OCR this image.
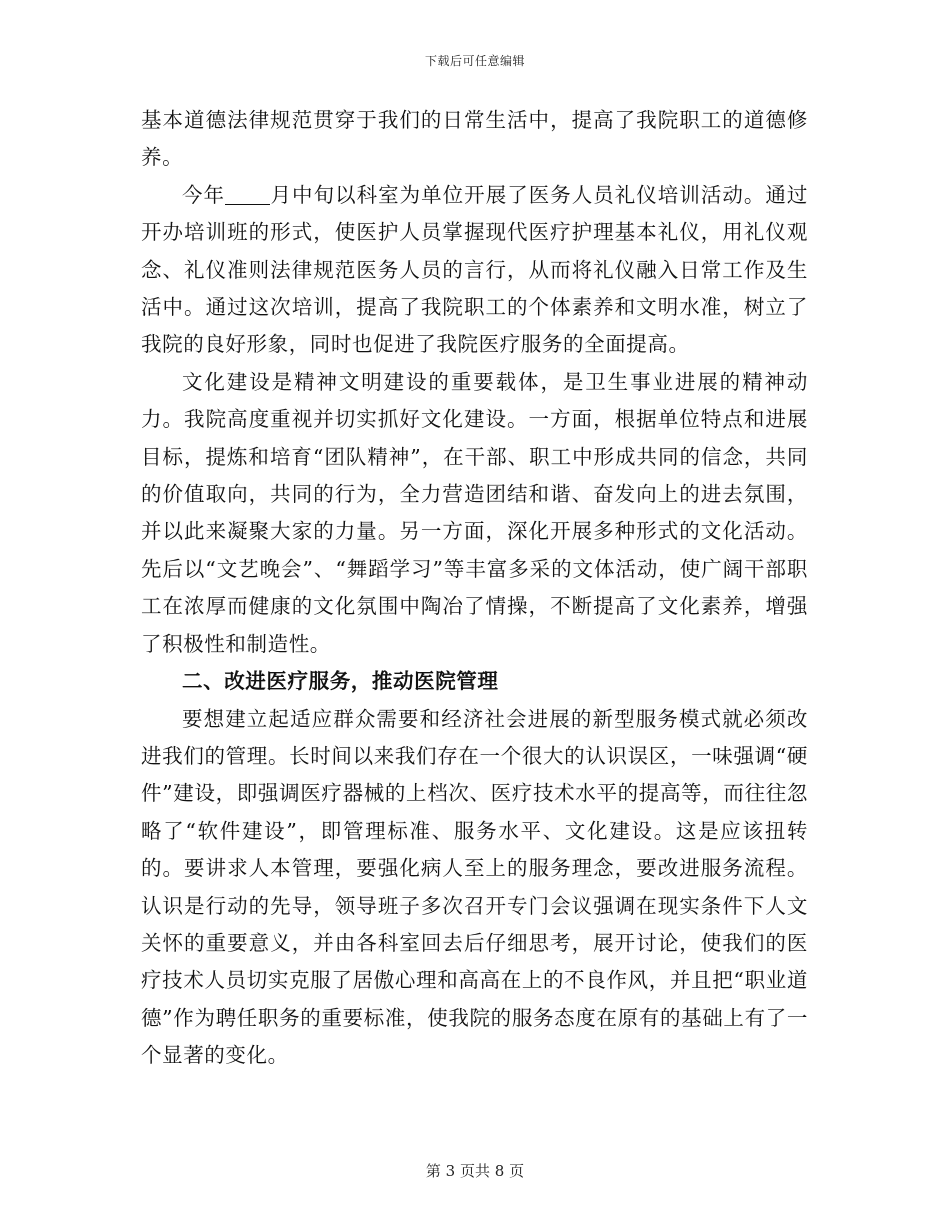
下载后可任意编辑

基本道德法律规范贯穿于我们的日常生活中，提高了我院职工的道德修养。

今年 月中旬以科室为单位开展了医务人员礼仪培训活动。通过开办培训班的形式，使医护人员掌握现代医疗护理基本礼仪，用礼仪观念、礼仪准则法律规范医务人员的言行，从而将礼仪融入日常工作及生活中。通过这次培训，提高了我院职工的个体素养和文明水准，树立了我院的良好形象，同时也促进了我院医疗服务的全面提高。

文化建设是精神文明建设的重要载体，是卫生事业进展的精神动力。我院高度重视并切实抓好文化建设。一方面，根据单位特点和进展目标，提炼和培育“团队精神”，在干部、职工中形成共同的信念，共同的价值取向，共同的行为，全力营造团结和谐、奋发向上的进去氛围，并以此来凝聚大家的力量。另一方面，深化开展多种形式的文化活动。先后以“文艺晚会”、“舞蹈学习”等丰富多采的文体活动，使广阔干部职工在浓厚而健康的文化氛围中陶冶了情操，不断提高了文化素养，增强了积极性和制造性。

二、改进医疗服务，推动医院管理

要想建立起适应群众需要和经济社会进展的新型服务模式就必须改进我们的管理。长时间以来我们存在一个很大的认识误区，一味强调“硬件”建设，即强调医疗器械的上档次、医疗技术水平的提高等，而往往忽略了“软件建设”，即管理标准、服务水平、文化建设。这是应该扭转的。要讲求人本管理，要强化病人至上的服务理念，要改进服务流程。认识是行动的先导，领导班子多次召开专门会议强调在现实条件下人文关怀的重要意义，并由各科室回去后仔细思考，展开讨论，使我们的医疗技术人员切实克服了居傲心理和高高在上的不良作风，并且把“职业道德”作为聘任职务的重要标准，使我院的服务态度在原有的基础上有了一个显著的变化。

第 3 页共 8 页
